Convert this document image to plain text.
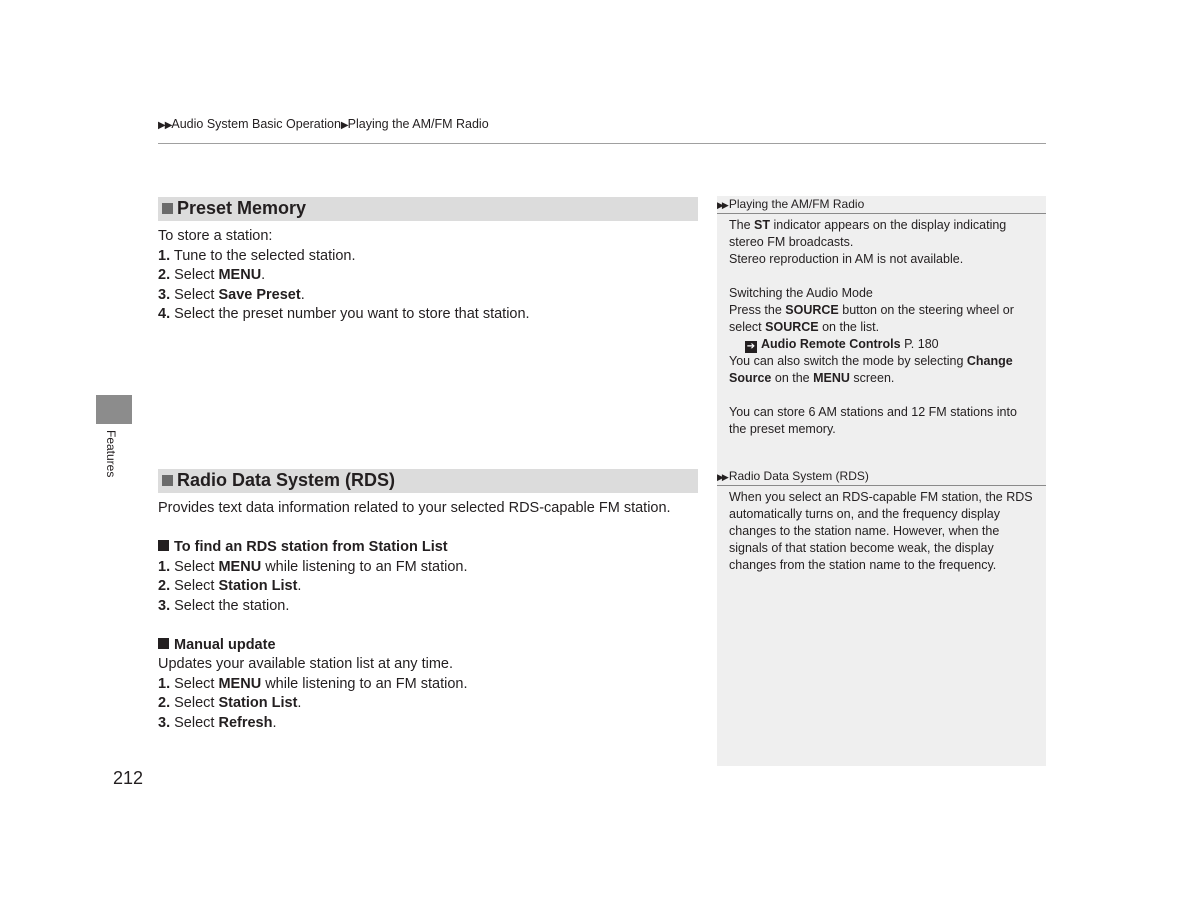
▶▶Audio System Basic Operation▶Playing the AM/FM Radio
Features
Preset Memory

To store a station:

1. Tune to the selected station.

2. Select MENU.

3. Select Save Preset.

4. Select the preset number you want to store that station.

Radio Data System (RDS)

Provides text data information related to your selected RDS-capable FM station.

To find an RDS station from Station List

1. Select MENU while listening to an FM station.

2. Select Station List.

3. Select the station.

Manual update

Updates your available station list at any time.

1. Select MENU while listening to an FM station.

2. Select Station List.

3. Select Refresh.

▶▶ Playing the AM/FM Radio

The ST indicator appears on the display indicating stereo FM broadcasts.

Stereo reproduction in AM is not available.

Switching the Audio Mode

Press the SOURCE button on the steering wheel or select SOURCE on the list.

➔ Audio Remote Controls P. 180

You can also switch the mode by selecting Change Source on the MENU screen.

You can store 6 AM stations and 12 FM stations into the preset memory.

▶▶ Radio Data System (RDS)

When you select an RDS-capable FM station, the RDS automatically turns on, and the frequency display changes to the station name. However, when the signals of that station become weak, the display changes from the station name to the frequency.

212
